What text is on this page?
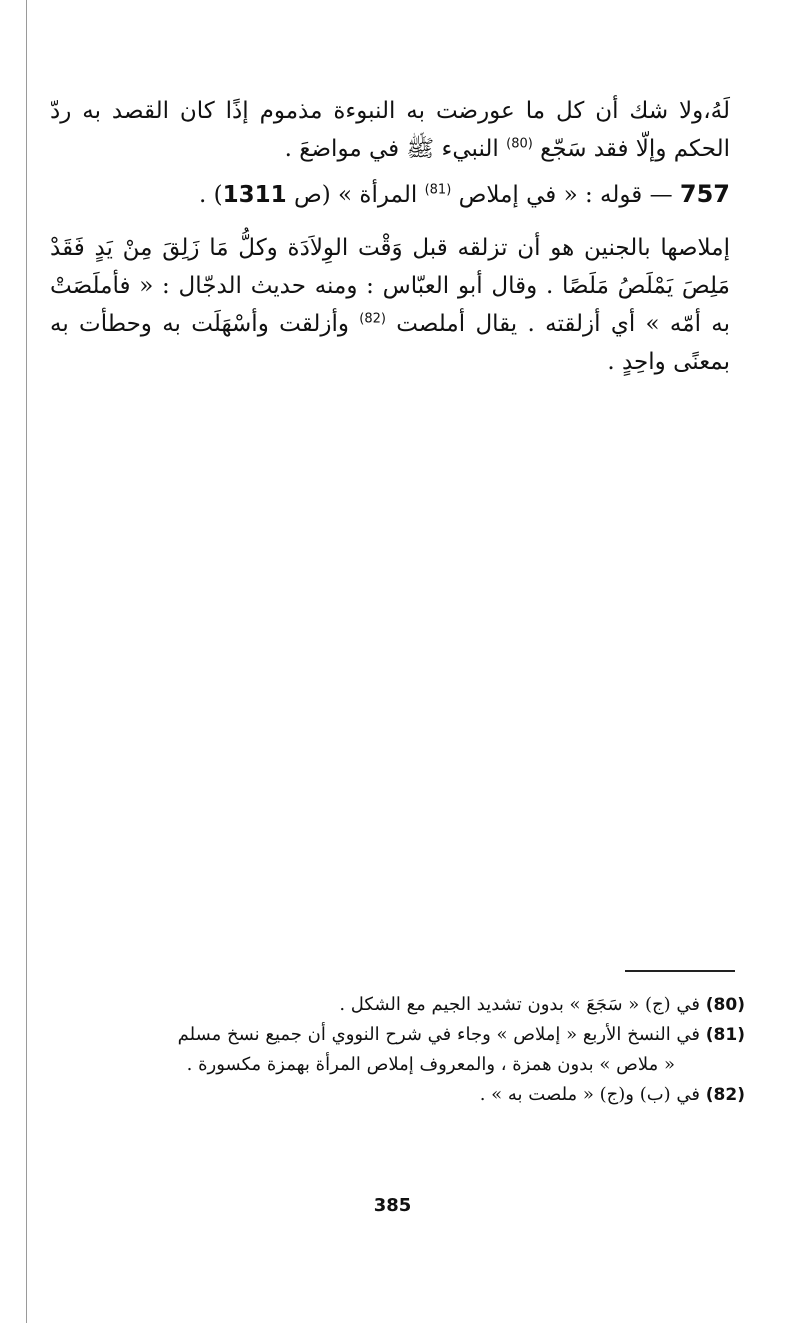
لَهُ،ولا شك أن كل ما عورضت به النبوءة مذموم إذًا كان القصد به ردّ الحكم وإلّا فقد سَجّع $^{(80)}$ النبيء ﷺ في مواضعَ .

757 — قوله : « في إملاص $^{(81)}$ المرأة » (ص 1311) .

إملاصها بالجنين هو أن تزلقه قبل وَقْت الوِلاَدَة وكلُّ مَا زَلِقَ مِنْ يَدٍ فَقَدْ مَلِصَ يَمْلَصُ مَلَصًا . وقال أبو العبّاس : ومنه حديث الدجّال : « فأملَصَتْ به أمّه » أي أزلقته . يقال أملصت $^{(82)}$ وأزلقت وأسْهَلَت به وحطأت به بمعنًى واحِدٍ .

(80) في (ج) « سَجَعَ » بدون تشديد الجيم مع الشكل .

(81) في النسخ الأربع « إملاص » وجاء في شرح النووي أن جميع نسخ مسلم

« ملاص » بدون همزة ، والمعروف إملاص المرأة بهمزة مكسورة .

(82) في (ب) و(ج) « ملصت به » .

385
